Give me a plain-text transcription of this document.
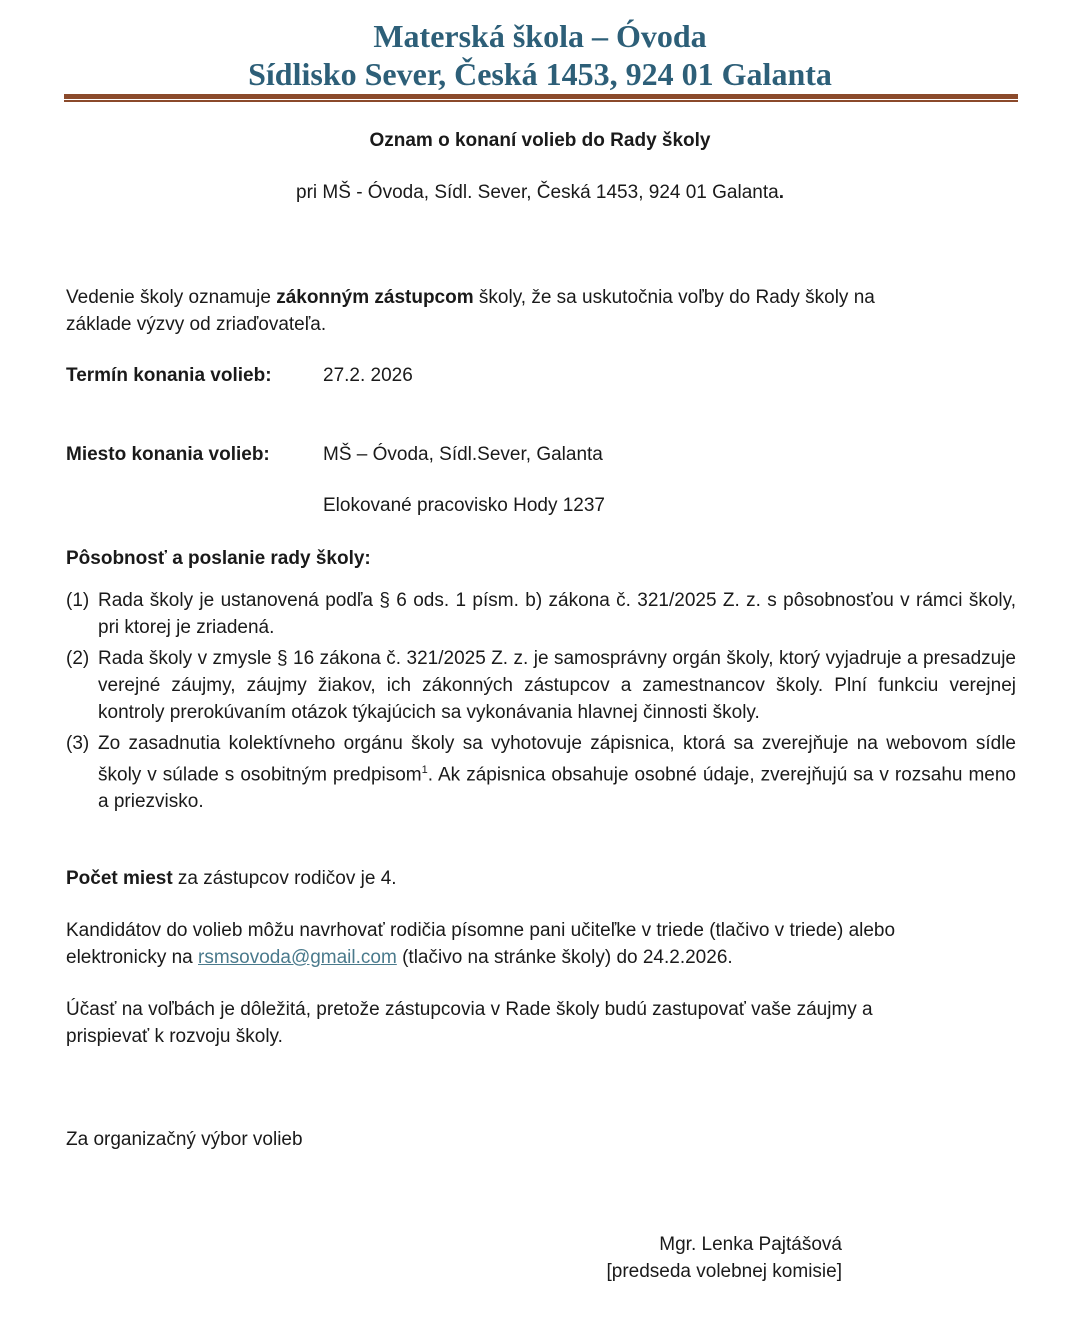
Materská škola – Óvoda
Sídlisko Sever, Česká 1453, 924 01 Galanta
Oznam o konaní volieb do Rady školy
pri MŠ - Óvoda, Sídl. Sever, Česká 1453, 924 01 Galanta.
Vedenie školy oznamuje zákonným zástupcom školy, že sa uskutočnia voľby do Rady školy na
základe výzvy od zriaďovateľa.
Termín konania volieb:	27.2. 2026
Miesto konania volieb:	MŠ – Óvoda, Sídl.Sever, Galanta
Elokované pracovisko Hody 1237
Pôsobnosť a poslanie rady školy:
(1) Rada školy je ustanovená podľa § 6 ods. 1 písm. b) zákona č. 321/2025 Z. z. s pôsobnosťou v rámci školy, pri ktorej je zriadená.
(2) Rada školy v zmysle § 16 zákona č. 321/2025 Z. z. je samosprávny orgán školy, ktorý vyjadruje a presadzuje verejné záujmy, záujmy žiakov, ich zákonných zástupcov a zamestnancov školy. Plní funkciu verejnej kontroly prerokúvaním otázok týkajúcich sa vykonávania hlavnej činnosti školy.
(3) Zo zasadnutia kolektívneho orgánu školy sa vyhotovuje zápisnica, ktorá sa zverejňuje na webovom sídle školy v súlade s osobitným predpisom$^1$. Ak zápisnica obsahuje osobné údaje, zverejňujú sa v rozsahu meno a priezvisko.
Počet miest za zástupcov rodičov je 4.
Kandidátov do volieb môžu navrhovať rodičia písomne pani učiteľke v triede (tlačivo v triede) alebo
elektronicky na rsmsovoda@gmail.com (tlačivo na stránke školy) do 24.2.2026.
Účasť na voľbách je dôležitá, pretože zástupcovia v Rade školy budú zastupovať vaše záujmy a
prispievať k rozvoju školy.
Za organizačný výbor volieb
Mgr. Lenka Pajtášová
[predseda volebnej komisie]
